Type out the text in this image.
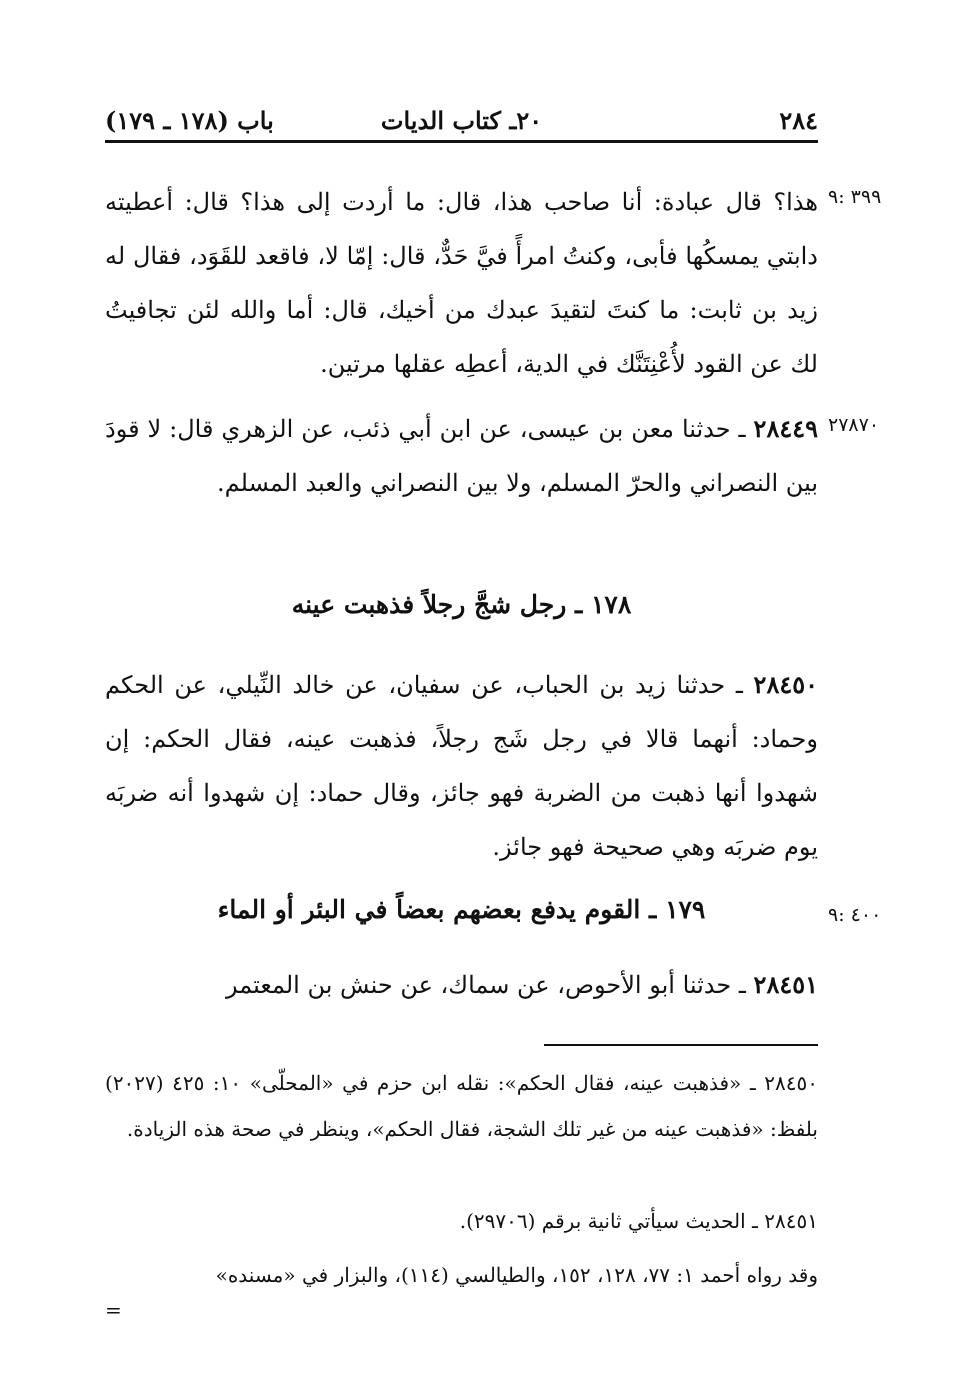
٢٨٤
٢٠ـ كتاب الديات
باب (١٧٨ ـ ١٧٩)
٣٩٩ :٩

هذا؟ قال عبادة: أنا صاحب هذا، قال: ما أردت إلى هذا؟ قال: أعطيته دابتي يمسكُها فأبى، وكنتُ امرأً فيَّ حَدٌّ، قال: إمّا لا، فاقعد للقَوَد، فقال له زيد بن ثابت: ما كنتَ لتقيدَ عبدك من أخيك، قال: أما والله لئن تجافيتُ لك عن القود لأُعْنِتَنَّك في الدية، أعطِه عقلها مرتين.

٢٧٨٧٠

٢٨٤٤٩ ـ حدثنا معن بن عيسى، عن ابن أبي ذئب، عن الزهري قال: لا قودَ بين النصراني والحرّ المسلم، ولا بين النصراني والعبد المسلم.

١٧٨ ـ رجل شجَّ رجلاً فذهبت عينه

٢٨٤٥٠ ـ حدثنا زيد بن الحباب، عن سفيان، عن خالد النِّيلي، عن الحكم وحماد: أنهما قالا في رجل شَج رجلاً، فذهبت عينه، فقال الحكم: إن شهدوا أنها ذهبت من الضربة فهو جائز، وقال حماد: إن شهدوا أنه ضربَه يوم ضربَه وهي صحيحة فهو جائز.

٤٠٠ :٩
١٧٩ ـ القوم يدفع بعضهم بعضاً في البئر أو الماء

٢٨٤٥١ ـ حدثنا أبو الأحوص، عن سماك، عن حنش بن المعتمر

٢٨٤٥٠ ـ «فذهبت عينه، فقال الحكم»: نقله ابن حزم في «المحلّى» ١٠: ٤٢٥ (٢٠٢٧) بلفظ: «فذهبت عينه من غير تلك الشجة، فقال الحكم»، وينظر في صحة هذه الزيادة.

٢٨٤٥١ ـ الحديث سيأتي ثانية برقم (٢٩٧٠٦).

وقد رواه أحمد ١: ٧٧، ١٢٨، ١٥٢، والطيالسي (١١٤)، والبزار في «مسنده»

=
